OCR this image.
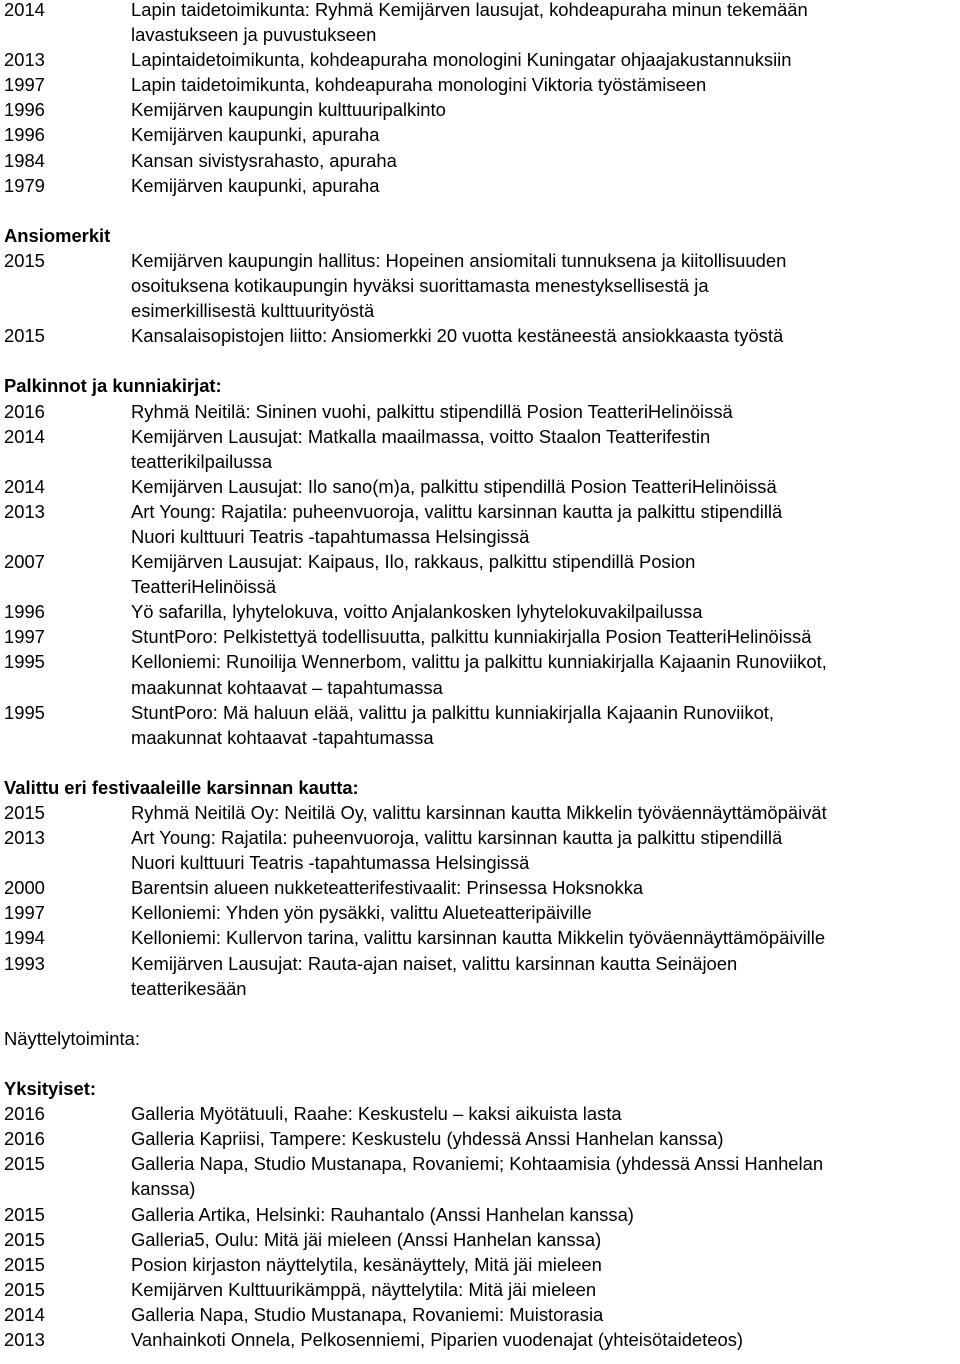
2014	Lapin taidetoimikunta: Ryhmä Kemijärven lausujat, kohdeapuraha minun tekemään
lavastukseen ja puvustukseen
2013	Lapintaidetoimikunta, kohdeapuraha monologini Kuningatar ohjaajakustannuksiin
1997	Lapin taidetoimikunta, kohdeapuraha monologini Viktoria työstämiseen
1996	Kemijärven kaupungin kulttuuripalkinto
1996	Kemijärven kaupunki, apuraha
1984	Kansan sivistysrahasto, apuraha
1979	Kemijärven kaupunki, apuraha
Ansiomerkit
2015	Kemijärven kaupungin hallitus: Hopeinen ansiomitali tunnuksena ja kiitollisuuden
osoituksena kotikaupungin hyväksi suorittamasta menestyksellisestä ja
esimerkillisestä kulttuurityöstä
2015	Kansalaisopistojen liitto: Ansiomerkki 20 vuotta kestäneestä ansiokkaasta työstä
Palkinnot ja kunniakirjat:
2016	Ryhmä Neitilä: Sininen vuohi, palkittu stipendillä Posion TeatteriHelinöissä
2014	Kemijärven Lausujat: Matkalla maailmassa, voitto Staalon Teatterifestin
teatterikilpailussa
2014	Kemijärven Lausujat: Ilo sano(m)a, palkittu stipendillä Posion TeatteriHelinöissä
2013	Art Young: Rajatila: puheenvuoroja, valittu karsinnan kautta ja palkittu stipendillä
Nuori kulttuuri Teatris -tapahtumassa Helsingissä
2007	Kemijärven Lausujat: Kaipaus, Ilo, rakkaus, palkittu stipendillä Posion
TeatteriHelinöissä
1996	Yö safarilla, lyhytelokuva, voitto Anjalankosken lyhytelokuvakilpailussa
1997	StuntPoro: Pelkistettyä todellisuutta, palkittu kunniakirjalla Posion TeatteriHelinöissä
1995	Kelloniemi: Runoilija Wennerbom, valittu ja palkittu kunniakirjalla Kajaanin Runoviikot,
maakunnat kohtaavat – tapahtumassa
1995	StuntPoro: Mä haluun elää, valittu ja palkittu kunniakirjalla Kajaanin Runoviikot,
maakunnat kohtaavat -tapahtumassa
Valittu eri festivaaleille karsinnan kautta:
2015	Ryhmä Neitilä Oy: Neitilä Oy, valittu karsinnan kautta Mikkelin työväennäyttämöpäivät
2013	Art Young: Rajatila: puheenvuoroja, valittu karsinnan kautta ja palkittu stipendillä
Nuori kulttuuri Teatris -tapahtumassa Helsingissä
2000	Barentsin alueen nukketeatterifestivaalit: Prinsessa Hoksnokka
1997	Kelloniemi: Yhden yön pysäkki, valittu Alueteatteripäiville
1994	Kelloniemi: Kullervon tarina, valittu karsinnan kautta Mikkelin työväennäyttämöpäiville
1993	Kemijärven Lausujat: Rauta-ajan naiset, valittu karsinnan kautta Seinäjoen
teatterikesään
Näyttelytoiminta:
Yksityiset:
2016	Galleria Myötätuuli, Raahe: Keskustelu – kaksi aikuista lasta
2016	Galleria Kapriisi, Tampere: Keskustelu (yhdessä Anssi Hanhelan kanssa)
2015	Galleria Napa, Studio Mustanapa, Rovaniemi; Kohtaamisia (yhdessä Anssi Hanhelan
kanssa)
2015	Galleria Artika, Helsinki: Rauhantalo (Anssi Hanhelan kanssa)
2015	Galleria5, Oulu: Mitä jäi mieleen (Anssi Hanhelan kanssa)
2015	Posion kirjaston näyttelytila, kesänäyttely, Mitä jäi mieleen
2015	Kemijärven Kulttuurikämppä, näyttelytila: Mitä jäi mieleen
2014	Galleria Napa, Studio Mustanapa, Rovaniemi: Muistorasia
2013	Vanhainkoti Onnela, Pelkosenniemi, Piparien vuodenajat (yhteisötaideteos)
